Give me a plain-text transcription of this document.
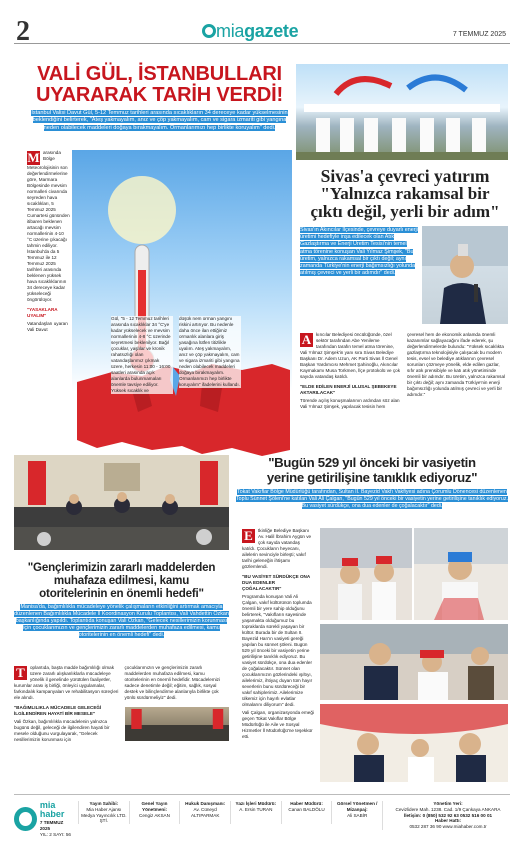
2	miagazete	7 TEMMUZ 2025
VALİ GÜL, İSTANBULLARI
UYARARAK TARİH VERDİ!

İstanbul Valisi Davut Gül, 5-12 Temmuz tarihleri arasında sıcaklıkların 34 dereceye kadar yükselmesinin beklendiğini belirterek, "Ateş yakmayalım, anız ve çöp yakmayalım, cam ve sigara izmariti gibi yangına neden olabilecek maddeleri doğaya bırakmayalım. Ormanlarımızı hep birlikte koruyalım" dedi.

M arasında Bölge Meteorolojisinin son değerlendirmelerine göre, Marmara Bölgesinde mevsim normalleri civarında seyreden hava sıcaklıkları, 5 Temmuz 2025 Cumartesi gününden itibaren beklenen artacağı mevsim normallerinin 4-10 °C üzerine çıkacağı tahmin ediliyor. İstanbul'da da 5 Temmuz ile 12 Temmuz 2025 tarihleri arasında beklenen yüksek hava sıcaklıklarının 34 dereceye kadar yükseleceği öngörülüyor.
"YASAKLARA UYALIM"
Vatandaşları uyaran Vali Davut
Gül, "5 - 12 Temmuz tarihleri arasında sıcaklıklar 34 °C'ye kadar yükselecek ve mevsim normallerinin 4-8 °C üzerinde seyretmesi beklenilyor. Bağıl çocuklar, yaşlılar ve kronik rahatsızlığı olan vatandaşlarımız çıkmak üzere, herkesin 11:00 - 16:00 saatleri arasında açık alanlarda bulunmamaları önemle tavsiye ediliyor. Yüksek sıcaklık ve
düşük nem orman yangını riskini artırıyor. Bu nedenle daha önce ilan ettiğimiz ormanlık alanlara giriş yasağına lütfen titizlikle uyalım. Ateş yakmayalım, anız ve çöp yakmayalım, cam ve sigara izmariti gibi yangına neden olabilecek maddeleri doğaya bırakmayalım. Ormanlarımızı hep birlikte koruyalım" ifadelerini kullandı.
Sivas'a çevreci yatırım
"Yalnızca rakamsal bir
çıktı değil, yerli bir adım"
Sivas'ın Akıncılar İlçesinde, çevreye duyarlı enerji üretimi hedefiyle inşa edilecek olan Atık Gazlaştırma ve Enerji Üretim Tesisi'nin temel atma törenine konuşan Vali Yılmaz Şimşek, "Bu üretim, yalnızca rakamsal bir çıktı değil; aynı zamanda Türkiye'nin enerji bağımsızlığı yolunda atılmış çevreci ve yerli bir adımdır" dedi.
A	kıncılar Belediyesi öncülüğünde, özel sektör tarafından Abe Yenileme tarafından tarafın temel atma törenine, Vali Yılmaz Şimşek'in yanı sıra Sivas Belediye Başkanı Dr. Adem Uzun, AK Parti Sivas İl Genel Başkan Yardımcısı Mehmet Şahinoğlu, Akıncılar Kaymakamı Musa Torkmen, İlçe protokolü ve çok sayıda vatandaş katıldı.
"ELDE EDİLEN ENERJİ ULUSAL ŞEBEKEYE AKTARILACAK"
Törende açılış konuşmalarının ardından söz alan Vali Yılmaz Şimşek, yapılacak tesisin hem
çevresel hem de ekonomik anlamda önemli kazanımlar sağlayacağını ifade ederek, şu değerlendirmelerde bulundu: "Yüksek sıcaklıkta gazlaştırma teknolojisiyle çalışacak bu modern tesis, evsel ve belediye atıklarının çevresel sorunları çözmeye yönelik, elde edilen gazlar, sıfır atık prensibiyle ve katı atık yönetiminde önemli bir adımdır. Bu üretim, yalnızca rakamsal bir çıktı değil; aynı zamanda Türkiye'nin enerji bağımsızlığı yolunda atılmış çevreci ve yerli bir adımdır."
"Gençlerimizin zararlı maddelerden
muhafaza edilmesi, kamu
otoritelerinin en önemli hedefi"

Manisa'da, bağımlılıkla mücadeleye yönelik çalışmaların etkinliğini artırmak amacıyla düzenlenen Bağımlılıkla Mücadele İl Koordinasyon Kurulu Toplantısı, Vali Vahdettin Özkan başkanlığında yapıldı. Toplantıda konuşan Vali Özkan, "Gelecek nesillerimizin korunması için çocuklarımızın ve gençlerimizin zararlı maddelerden muhafaza edilmesi, kamu otoritelerinin en önemli hedefi" dedi.

T	oplantıda, başta madde bağımlılığı olmak üzere zararlı alışkanlıklarla mücadeleye yönelik il genelinde yürütülen faaliyetler, kurumlar arası iş birliği, önleyici uygulamalar, farkındalık kampanyaları ve rehabilitasyon süreçleri ele alındı.
"BAĞIMLILIKLA MÜCADELE GELECEĞİ İLGİLENDİREN HAYATİ BİR MESELE"
Vali Özkan, bağımlılıkla mücadelenin yalnızca bugünü değil, geleceği de ilgilendiren hayati bir mesele olduğunu vurgulayarak, "Gelecek nesillerimizin korunması için
çocuklarımızın ve gençlerimizin zararlı maddelerden muhafaza edilmesi, kamu otoritelerinin en önemli hedefidir. Mücadelemizi sadece denetimle değil; eğitim, sağlık, sosyal destek ve bilinçlendirme alanlarıyla birlikte çok yönlü sürdürmeliyiz" dedi.
"Bugün 529 yıl önceki bir vasiyetin
yerine getirilişine tanıklık ediyoruz"

Tokat Vakıflar Bölge Müdürlüğü tarafından, Sultan II. Bayezid Vakfı Vakfiyesi adına Çorumlu Dönencesi düzenlenen Toplu Sünnet Şöleni'ne katılan Vali Ali Çalgan, "Bugün 529 yıl önceki bir vasiyetin yerine getirilişine tanıklık ediyoruz. Bu vasiyet sürdükçe, ona dua edenler de çoğalacaktır" dedi.

E	tkinliğe Belediye Başkanı Av. Halil İbrahim Aygün ve çok sayıda vatandaş katıldı. Çocukların heyecanı, ailelerin sevinciyle birleşti; vakıf tarihi geleneğin ihtişamı gözlemlendi.
"BU VASİYET SÜRDÜKÇE ONA DUA EDENLER ÇOĞALACAKTIR"
Programda konuşan Vali Ali Çalgan, vakıf kültürünün toplumda önemli bir yere sahip olduğunu belirterek, "Vakıfların sayesinde yaşamakta olduğumuz bu topraklarda sürekli yaşayan bir kültür. Burada bir de Sultan II. Bayezid Han'ın vasiyeti gereği yapılan bu sünnet şöleni. Bugün 529 yıl önceki bir vasiyetin yerine getirilişine tanıklık ediyoruz. Bu vasiyet sürdükçe, ona dua edenler de çoğalacaktır. Sünnet olan çocuklarımızın gözlerindeki ışıltıyı, ailelerimiz, ihtiyaç duyan tüm hayır severlerin bunu sürdüreceği bir vakıf sahiplerimiz. Ailelerimize ülkemiz için hayırlı evlatlar olmalarını diliyorum" dedi.

Vali Çalgan, organizasyonda emeği geçen Tokat Vakıflar Bölge Müdürlüğü ile Aile ve Sosyal Hizmetler İl Müdürlüğü'ne teşekkür etti.

mia
haber
7 TEMMUZ 2025
YIL: 2 SAYI: 56
Yayın Sahibi:
Mia Haber Ajansı Medya Yayıncılık LTD. ŞTİ.
Genel Yayın Yönetmeni:
Cengiz AKSAN
Hukuk Danışmanı:
Av. Cüneyd ALTIPARMAK
Yazı İşleri Müdürü:
A. Ersin TURAN
Haber Müdürü:
Canan BALDÖLU
Görsel Yönetmen / Mizanpaj:
Ali SABİR
Yönetim Yeri:
Cevizlidere Mah. 1238. Cad. 1/9 Çankaya ANKARA
İletişim: 0 (850) 532 92 63 0532 516 00 01
Haber Hattı:
0532 287 36 90 www.miahaber.com.tr
